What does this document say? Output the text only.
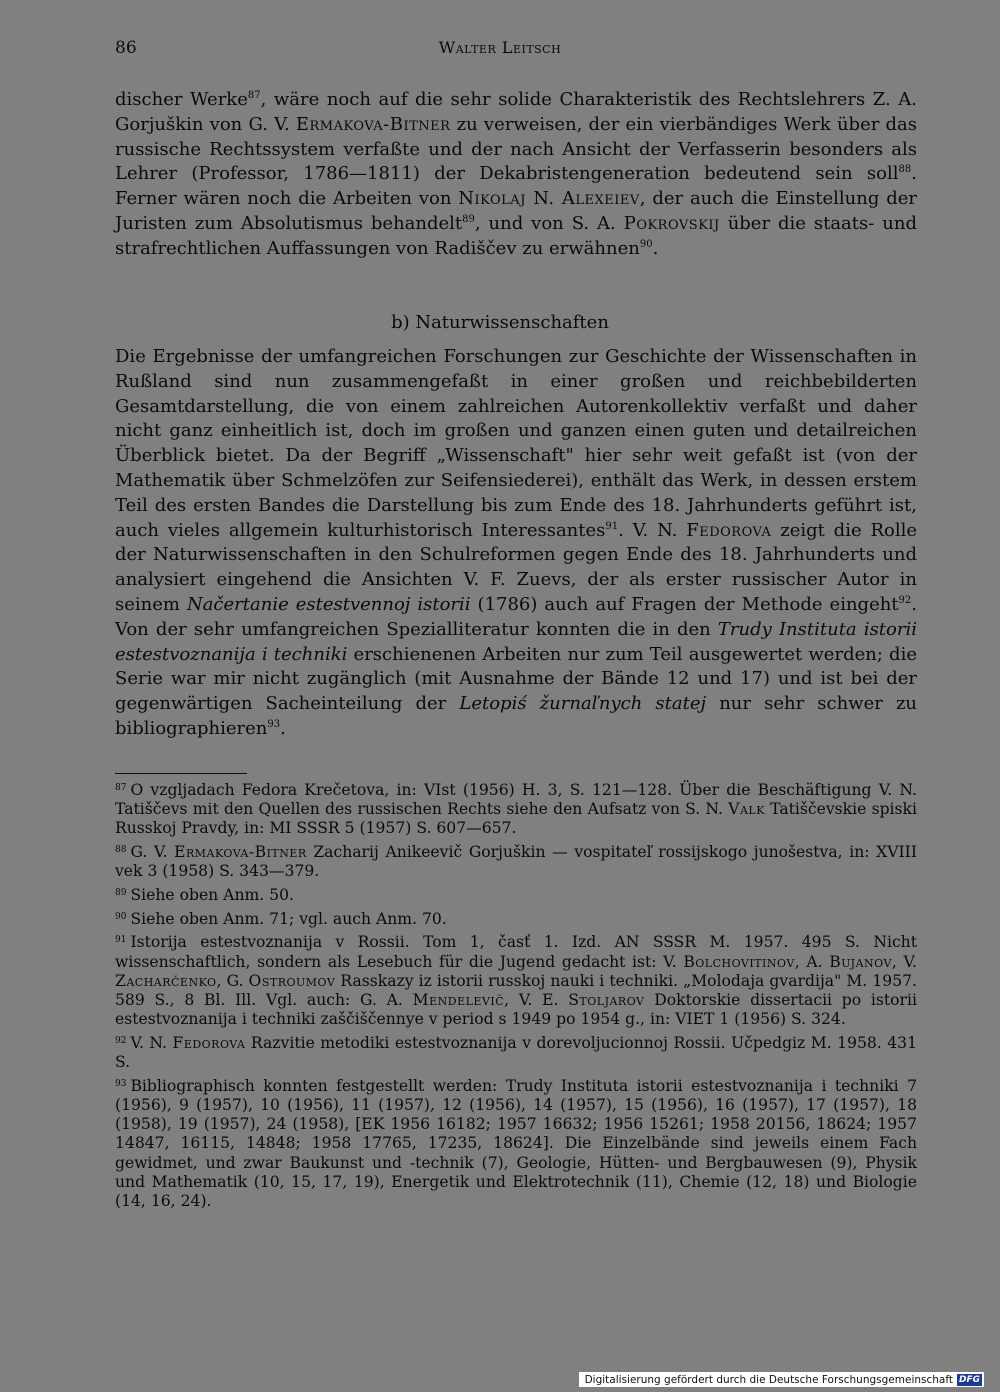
86	Walter Leitsch

discher Werke$^{87}$, wäre noch auf die sehr solide Charakteristik des Rechtslehrers Z. A. Gorjuškin von G. V. Ermakova-Bitner zu verweisen, der ein vierbändiges Werk über das russische Rechtssystem verfaßte und der nach Ansicht der Verfasserin besonders als Lehrer (Professor, 1786—1811) der Dekabristengeneration bedeutend sein soll$^{88}$. Ferner wären noch die Arbeiten von Nikolaj N. Alexeiev, der auch die Einstellung der Juristen zum Absolutismus behandelt$^{89}$, und von S. A. Pokrovskij über die staats- und strafrechtlichen Auffassungen von Radiščev zu erwähnen$^{90}$.

b) Naturwissenschaften

Die Ergebnisse der umfangreichen Forschungen zur Geschichte der Wissenschaften in Rußland sind nun zusammengefaßt in einer großen und reichbebilderten Gesamtdarstellung, die von einem zahlreichen Autorenkollektiv verfaßt und daher nicht ganz einheitlich ist, doch im großen und ganzen einen guten und detailreichen Überblick bietet. Da der Begriff „Wissenschaft" hier sehr weit gefaßt ist (von der Mathematik über Schmelzöfen zur Seifensiederei), enthält das Werk, in dessen erstem Teil des ersten Bandes die Darstellung bis zum Ende des 18. Jahrhunderts geführt ist, auch vieles allgemein kulturhistorisch Interessantes$^{91}$. V. N. Fedorova zeigt die Rolle der Naturwissenschaften in den Schulreformen gegen Ende des 18. Jahrhunderts und analysiert eingehend die Ansichten V. F. Zuevs, der als erster russischer Autor in seinem Načertanie estestvennoj istorii (1786) auch auf Fragen der Methode eingeht$^{92}$. Von der sehr umfangreichen Spezialliteratur konnten die in den Trudy Instituta istorii estestvoznanija i techniki erschienenen Arbeiten nur zum Teil ausgewertet werden; die Serie war mir nicht zugänglich (mit Ausnahme der Bände 12 und 17) und ist bei der gegenwärtigen Sacheinteilung der Letopiś žurnaľnych statej nur sehr schwer zu bibliographieren$^{93}$.

$^{87}$ O vzgljadach Fedora Krečetova, in: VIst (1956) H. 3, S. 121—128. Über die Beschäftigung V. N. Tatiščevs mit den Quellen des russischen Rechts siehe den Aufsatz von S. N. Valk Tatiščevskie spiski Russkoj Pravdy, in: MI SSSR 5 (1957) S. 607—657.

$^{88}$ G. V. Ermakova-Bitner Zacharij Anikeevič Gorjuškin — vospitateľ rossijskogo junošestva, in: XVIII vek 3 (1958) S. 343—379.

$^{89}$ Siehe oben Anm. 50.

$^{90}$ Siehe oben Anm. 71; vgl. auch Anm. 70.

$^{91}$ Istorija estestvoznanija v Rossii. Tom 1, časť 1. Izd. AN SSSR M. 1957. 495 S. Nicht wissenschaftlich, sondern als Lesebuch für die Jugend gedacht ist: V. Bolchovitinov, A. Bujanov, V. Zacharčenko, G. Ostroumov Rasskazy iz istorii russkoj nauki i techniki. „Molodaja gvardija" M. 1957. 589 S., 8 Bl. Ill. Vgl. auch: G. A. Mendelevič, V. E. Stoljarov Doktorskie dissertacii po istorii estestvoznanija i techniki zaščiščennye v period s 1949 po 1954 g., in: VIET 1 (1956) S. 324.

$^{92}$ V. N. Fedorova Razvitie metodiki estestvoznanija v dorevoljucionnoj Rossii. Učpedgiz M. 1958. 431 S.

$^{93}$ Bibliographisch konnten festgestellt werden: Trudy Instituta istorii estestvoznanija i techniki 7 (1956), 9 (1957), 10 (1956), 11 (1957), 12 (1956), 14 (1957), 15 (1956), 16 (1957), 17 (1957), 18 (1958), 19 (1957), 24 (1958), [EK 1956 16182; 1957 16632; 1956 15261; 1958 20156, 18624; 1957 14847, 16115, 14848; 1958 17765, 17235, 18624]. Die Einzelbände sind jeweils einem Fach gewidmet, und zwar Baukunst und -technik (7), Geologie, Hütten- und Bergbauwesen (9), Physik und Mathematik (10, 15, 17, 19), Energetik und Elektrotechnik (11), Chemie (12, 18) und Biologie (14, 16, 24).

Digitalisierung gefördert durch die Deutsche Forschungsgemeinschaft DFG
